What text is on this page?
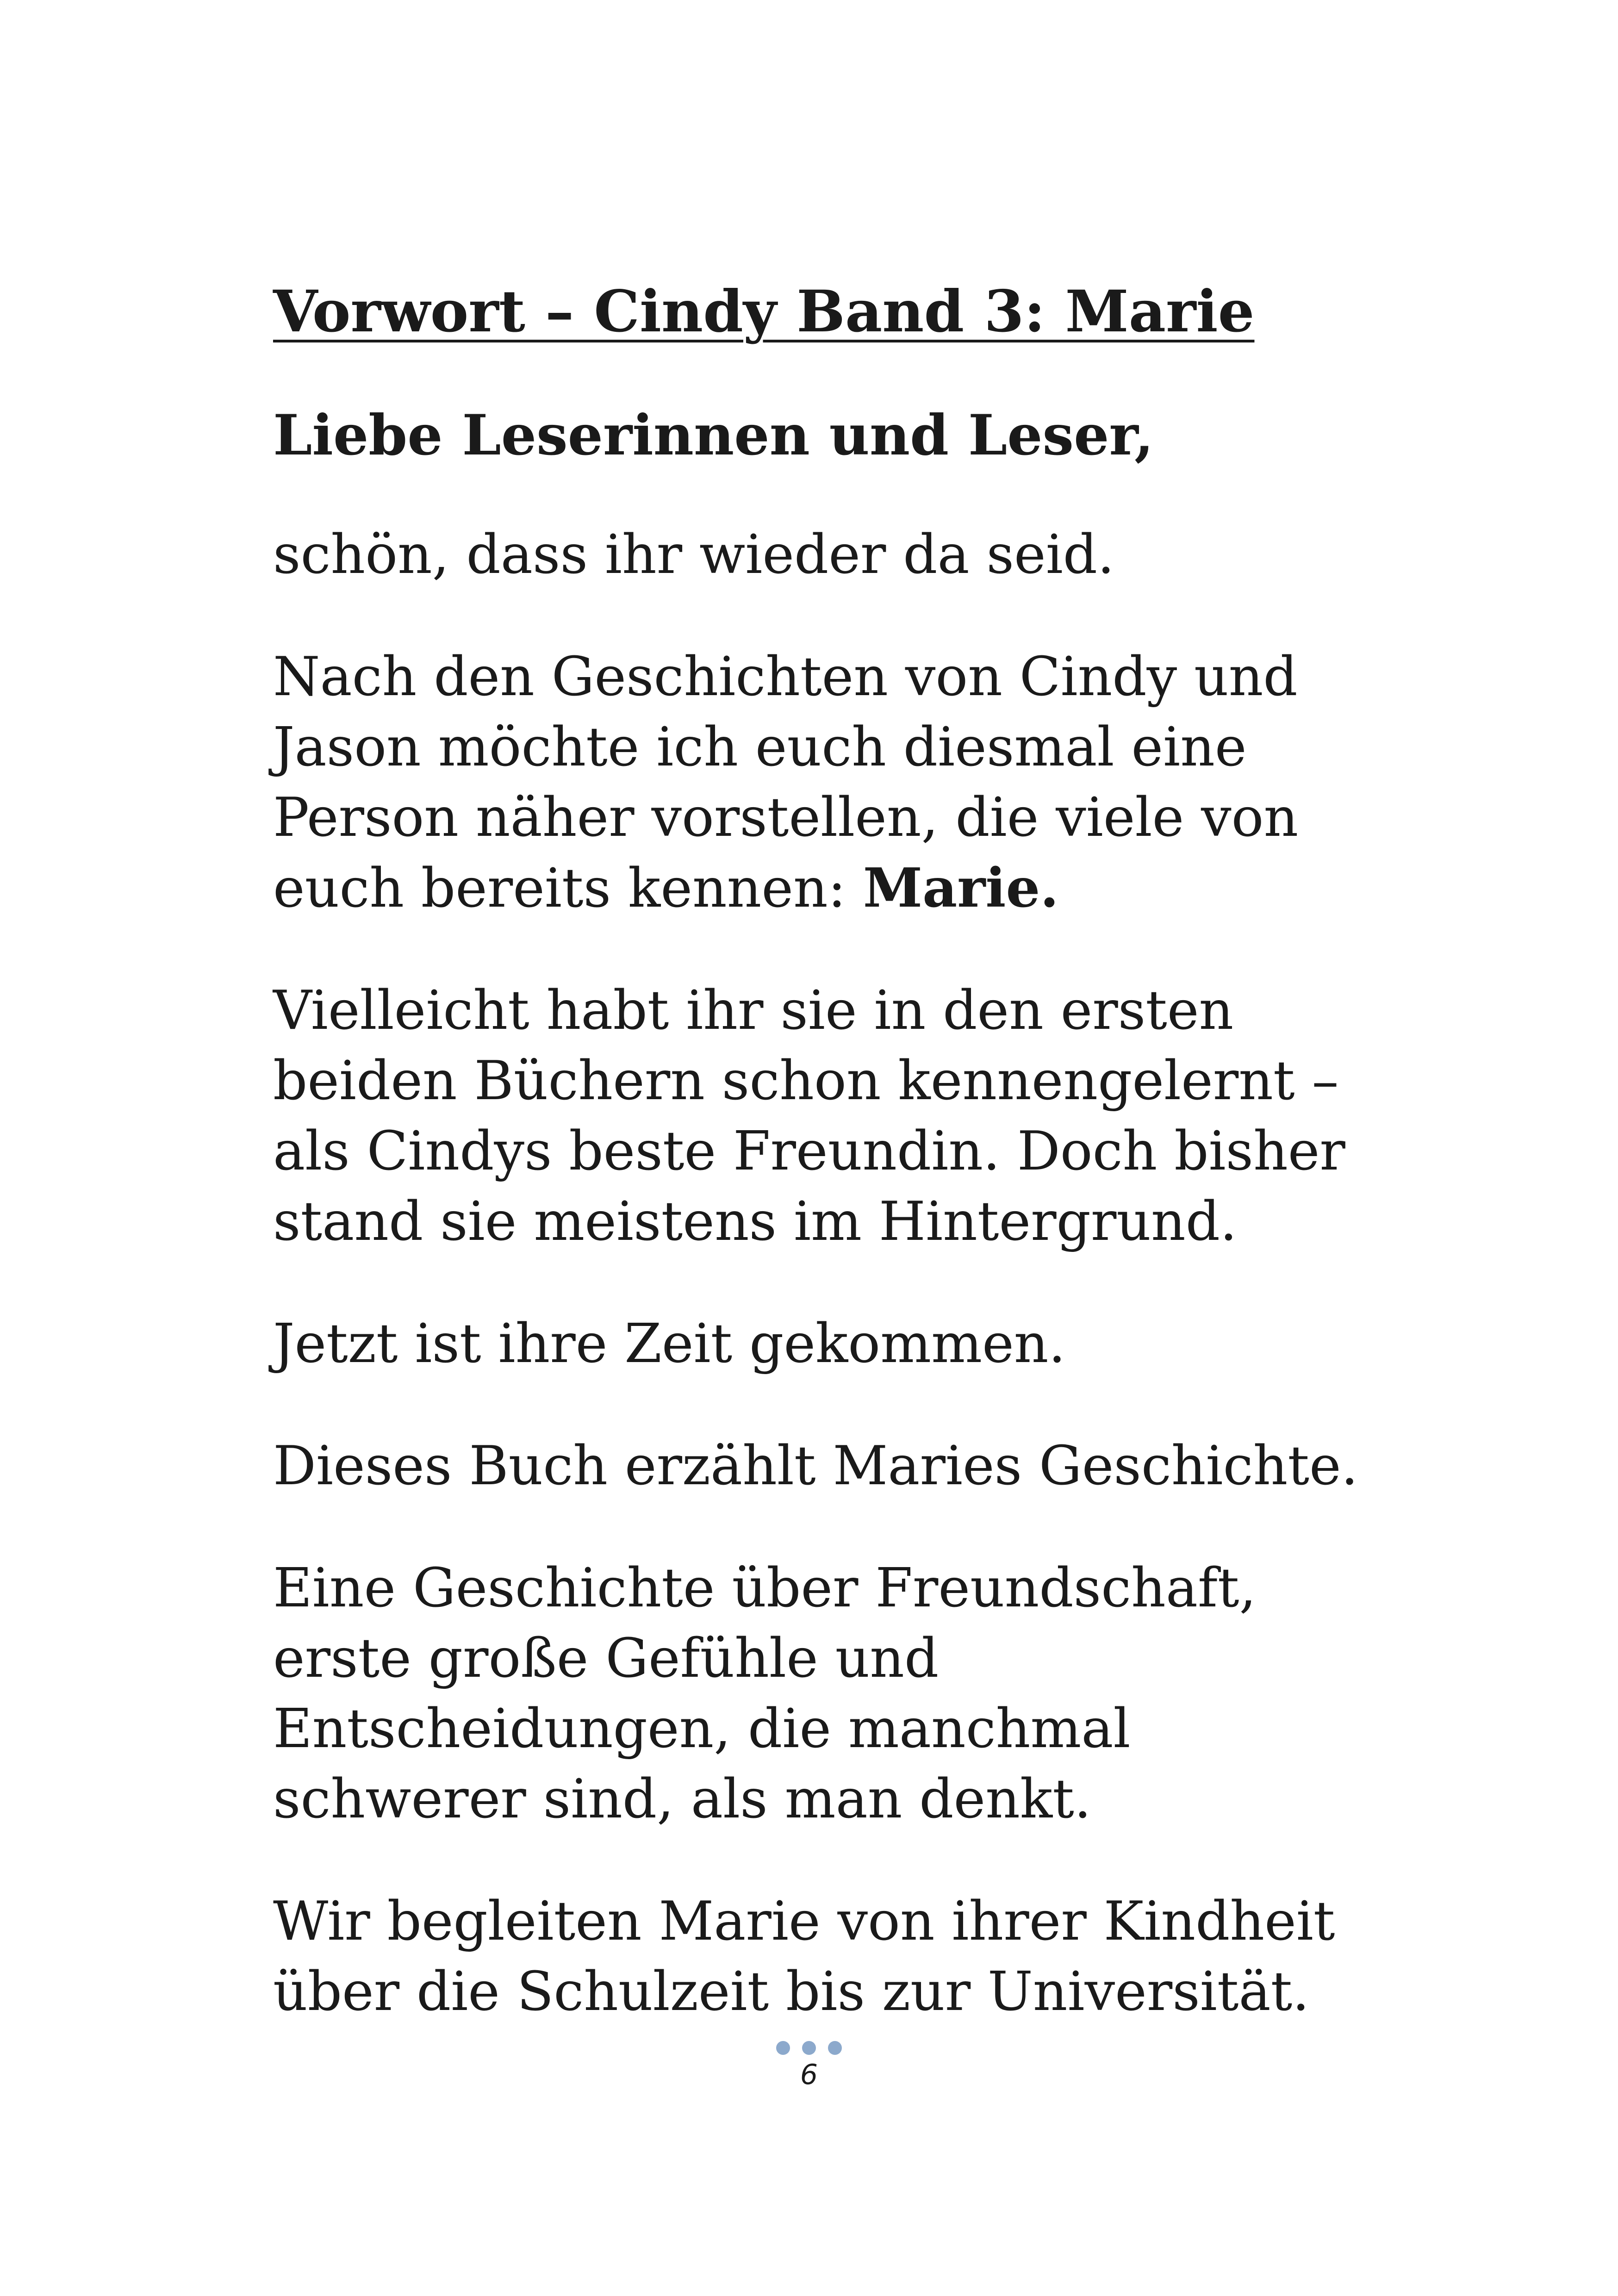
Vorwort – Cindy Band 3: Marie
Liebe Leserinnen und Leser,

schön, dass ihr wieder da seid.

Nach den Geschichten von Cindy und Jason möchte ich euch diesmal eine Person näher vorstellen, die viele von euch bereits kennen: Marie.

Vielleicht habt ihr sie in den ersten beiden Büchern schon kennengelernt – als Cindys beste Freundin. Doch bisher stand sie meistens im Hintergrund.

Jetzt ist ihre Zeit gekommen.

Dieses Buch erzählt Maries Geschichte.

Eine Geschichte über Freundschaft, erste große Gefühle und Entscheidungen, die manchmal schwerer sind, als man denkt.

Wir begleiten Marie von ihrer Kindheit über die Schulzeit bis zur Universität.

6
